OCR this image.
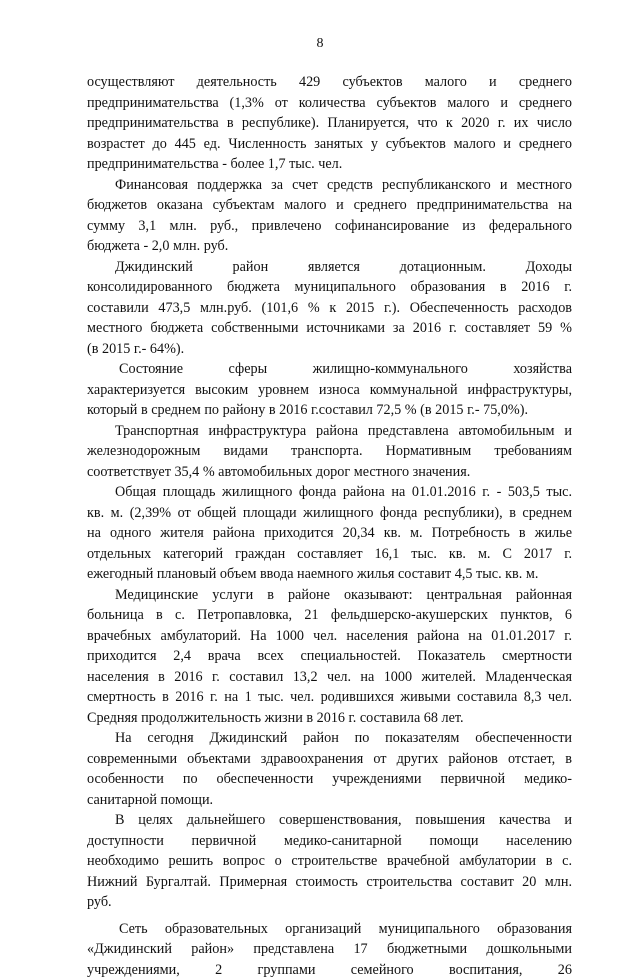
8
осуществляют деятельность 429 субъектов малого и среднего
предпринимательства (1,3% от количества субъектов малого и среднего
предпринимательства в республике). Планируется, что к 2020 г. их число
возрастет до 445 ед. Численность занятых у субъектов малого и среднего
предпринимательства - более 1,7 тыс. чел.
Финансовая поддержка за счет средств республиканского и местного
бюджетов оказана субъектам малого и среднего предпринимательства на
сумму 3,1 млн. руб., привлечено софинансирование из федерального
бюджета - 2,0 млн. руб.
Джидинский район является дотационным. Доходы
консолидированного бюджета муниципального образования в 2016 г.
составили 473,5 млн.руб. (101,6 % к 2015 г.). Обеспеченность расходов
местного бюджета собственными источниками за 2016 г. составляет 59 %
(в 2015 г.- 64%).
Состояние сферы жилищно-коммунального хозяйства
характеризуется высоким уровнем износа коммунальной инфраструктуры,
который в среднем по району в 2016 г.составил 72,5 % (в 2015 г.- 75,0%).
Транспортная инфраструктура района представлена автомобильным и
железнодорожным видами транспорта. Нормативным требованиям
соответствует 35,4 % автомобильных дорог местного значения.
Общая площадь жилищного фонда района на 01.01.2016 г. - 503,5 тыс.
кв. м. (2,39% от общей площади жилищного фонда республики), в среднем
на одного жителя района приходится 20,34 кв. м. Потребность в жилье
отдельных категорий граждан составляет 16,1 тыс. кв. м. С 2017 г.
ежегодный плановый объем ввода наемного жилья составит 4,5 тыс. кв. м.
Медицинские услуги в районе оказывают: центральная районная
больница в с. Петропавловка, 21 фельдшерско-акушерских пунктов, 6
врачебных амбулаторий. На 1000 чел. населения района на 01.01.2017 г.
приходится 2,4 врача всех специальностей. Показатель смертности
населения в 2016 г. составил 13,2 чел. на 1000 жителей. Младенческая
смертность в 2016 г. на 1 тыс. чел. родившихся живыми составила 8,3 чел.
Средняя продолжительность жизни в 2016 г. составила 68 лет.
На сегодня Джидинский район по показателям обеспеченности
современными объектами здравоохранения от других районов отстает, в
особенности по обеспеченности учреждениями первичной медико-
санитарной помощи.
В целях дальнейшего совершенствования, повышения качества и
доступности первичной медико-санитарной помощи населению
необходимо решить вопрос о строительстве врачебной амбулатории в с.
Нижний Бургалтай. Примерная стоимость строительства составит 20 млн.
руб.
Сеть образовательных организаций муниципального образования
«Джидинский район» представлена 17 бюджетными дошкольными
учреждениями, 2 группами семейного воспитания, 26
